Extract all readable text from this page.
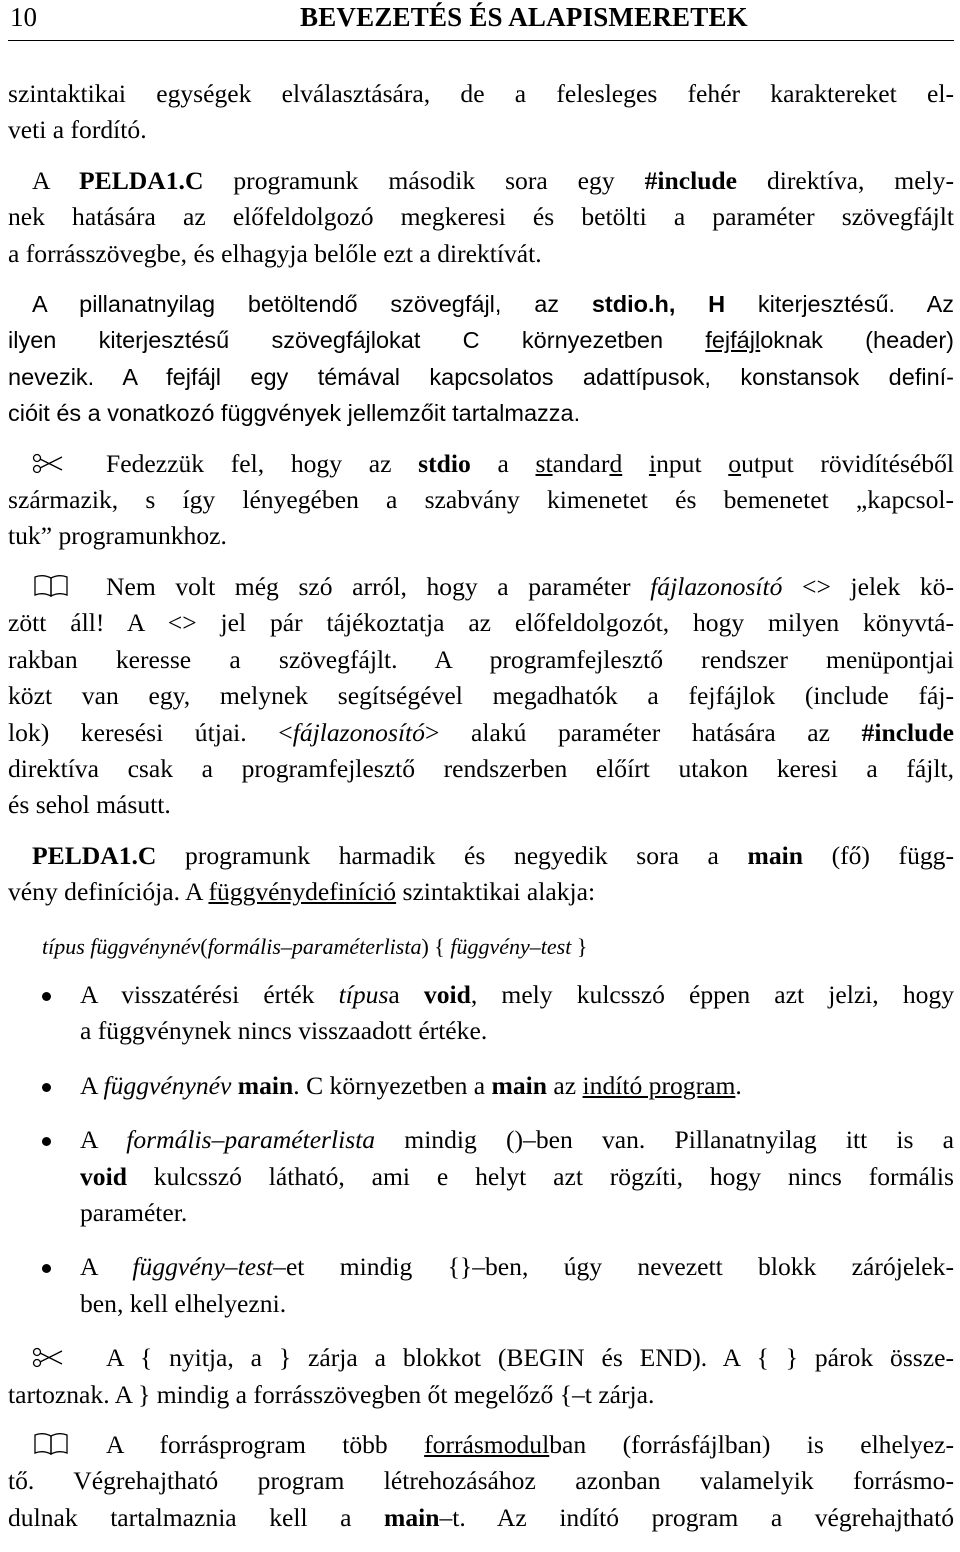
10	BEVEZETÉS ÉS ALAPISMERETEK
szintaktikai egységek elválasztására, de a felesleges fehér karaktereket el-
veti a fordító.
A PELDA1.C programunk második sora egy #include direktíva, mely-
nek hatására az előfeldolgozó megkeresi és betölti a paraméter szövegfájlt
a forrásszövegbe, és elhagyja belőle ezt a direktívát.
A pillanatnyilag betöltendő szövegfájl, az stdio.h, H kiterjesztésű. Az
ilyen kiterjesztésű szövegfájlokat C környezetben fejfájloknak (header)
nevezik. A fejfájl egy témával kapcsolatos adattípusok, konstansok definí-
cióit és a vonatkozó függvények jellemzőit tartalmazza.
Fedezzük fel, hogy az stdio a standard input output rövidítéséből
származik, s így lényegében a szabvány kimenetet és bemenetet „kapcsol-
tuk” programunkhoz.
Nem volt még szó arról, hogy a paraméter fájlazonosító <> jelek kö-
zött áll! A <> jel pár tájékoztatja az előfeldolgozót, hogy milyen könyvtá-
rakban keresse a szövegfájlt. A programfejlesztő rendszer menüpontjai
közt van egy, melynek segítségével megadhatók a fejfájlok (include fáj-
lok) keresési útjai. <fájlazonosító> alakú paraméter hatására az #include
direktíva csak a programfejlesztő rendszerben előírt utakon keresi a fájlt,
és sehol másutt.
PELDA1.C programunk harmadik és negyedik sora a main (fő) függ-
vény definíciója. A függvénydefiníció szintaktikai alakja:
típus függvénynév(formális–paraméterlista) { függvény–test }
A visszatérési érték típusa void, mely kulcsszó éppen azt jelzi, hogy
a függvénynek nincs visszaadott értéke.
A függvénynév main. C környezetben a main az indító program.
A formális–paraméterlista mindig ()–ben van. Pillanatnyilag itt is a
void kulcsszó látható, ami e helyt azt rögzíti, hogy nincs formális
paraméter.
A függvény–test–et mindig {}–ben, úgy nevezett blokk zárójelek-
ben, kell elhelyezni.
A { nyitja, a } zárja a blokkot (BEGIN és END). A { } párok össze-
tartoznak. A } mindig a forrásszövegben őt megelőző {–t zárja.
A forrásprogram több forrásmodulban (forrásfájlban) is elhelyez-
tő. Végrehajtható program létrehozásához azonban valamelyik forrásmo-
dulnak tartalmaznia kell a main–t. Az indító program a végrehajtható
